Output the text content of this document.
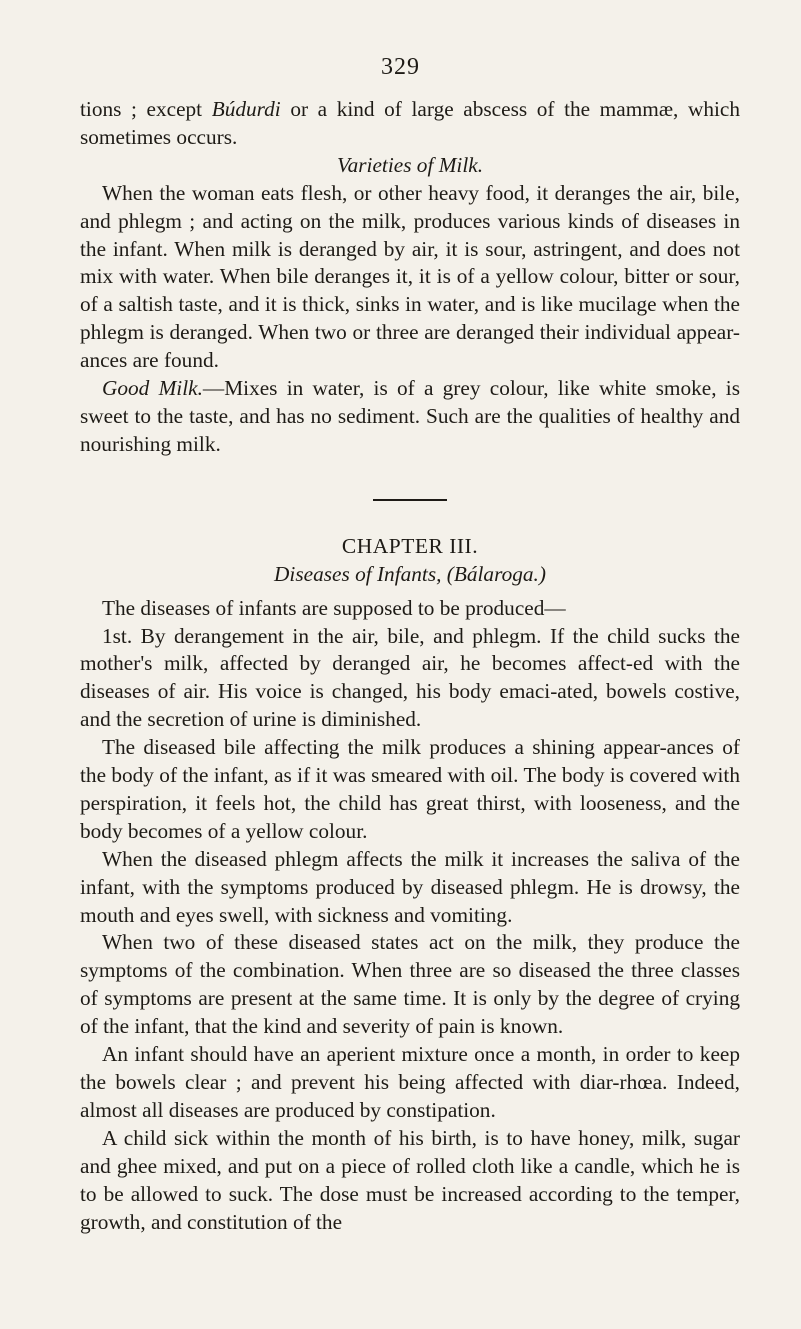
329

tions ; except Búdurdi or a kind of large abscess of the mammæ, which sometimes occurs.

Varieties of Milk.

When the woman eats flesh, or other heavy food, it deranges the air, bile, and phlegm ; and acting on the milk, produces various kinds of diseases in the infant. When milk is deranged by air, it is sour, astringent, and does not mix with water. When bile deranges it, it is of a yellow colour, bitter or sour, of a saltish taste, and it is thick, sinks in water, and is like mucilage when the phlegm is deranged. When two or three are deranged their individual appear-ances are found.

Good Milk.—Mixes in water, is of a grey colour, like white smoke, is sweet to the taste, and has no sediment. Such are the qualities of healthy and nourishing milk.

CHAPTER III.

Diseases of Infants, (Bálaroga.)

The diseases of infants are supposed to be produced—

1st. By derangement in the air, bile, and phlegm. If the child sucks the mother's milk, affected by deranged air, he becomes affect-ed with the diseases of air. His voice is changed, his body emaci-ated, bowels costive, and the secretion of urine is diminished.

The diseased bile affecting the milk produces a shining appear-ances of the body of the infant, as if it was smeared with oil. The body is covered with perspiration, it feels hot, the child has great thirst, with looseness, and the body becomes of a yellow colour.

When the diseased phlegm affects the milk it increases the saliva of the infant, with the symptoms produced by diseased phlegm. He is drowsy, the mouth and eyes swell, with sickness and vomiting.

When two of these diseased states act on the milk, they produce the symptoms of the combination. When three are so diseased the three classes of symptoms are present at the same time. It is only by the degree of crying of the infant, that the kind and severity of pain is known.

An infant should have an aperient mixture once a month, in order to keep the bowels clear ; and prevent his being affected with diar-rhœa. Indeed, almost all diseases are produced by constipation.

A child sick within the month of his birth, is to have honey, milk, sugar and ghee mixed, and put on a piece of rolled cloth like a candle, which he is to be allowed to suck. The dose must be increased according to the temper, growth, and constitution of the
